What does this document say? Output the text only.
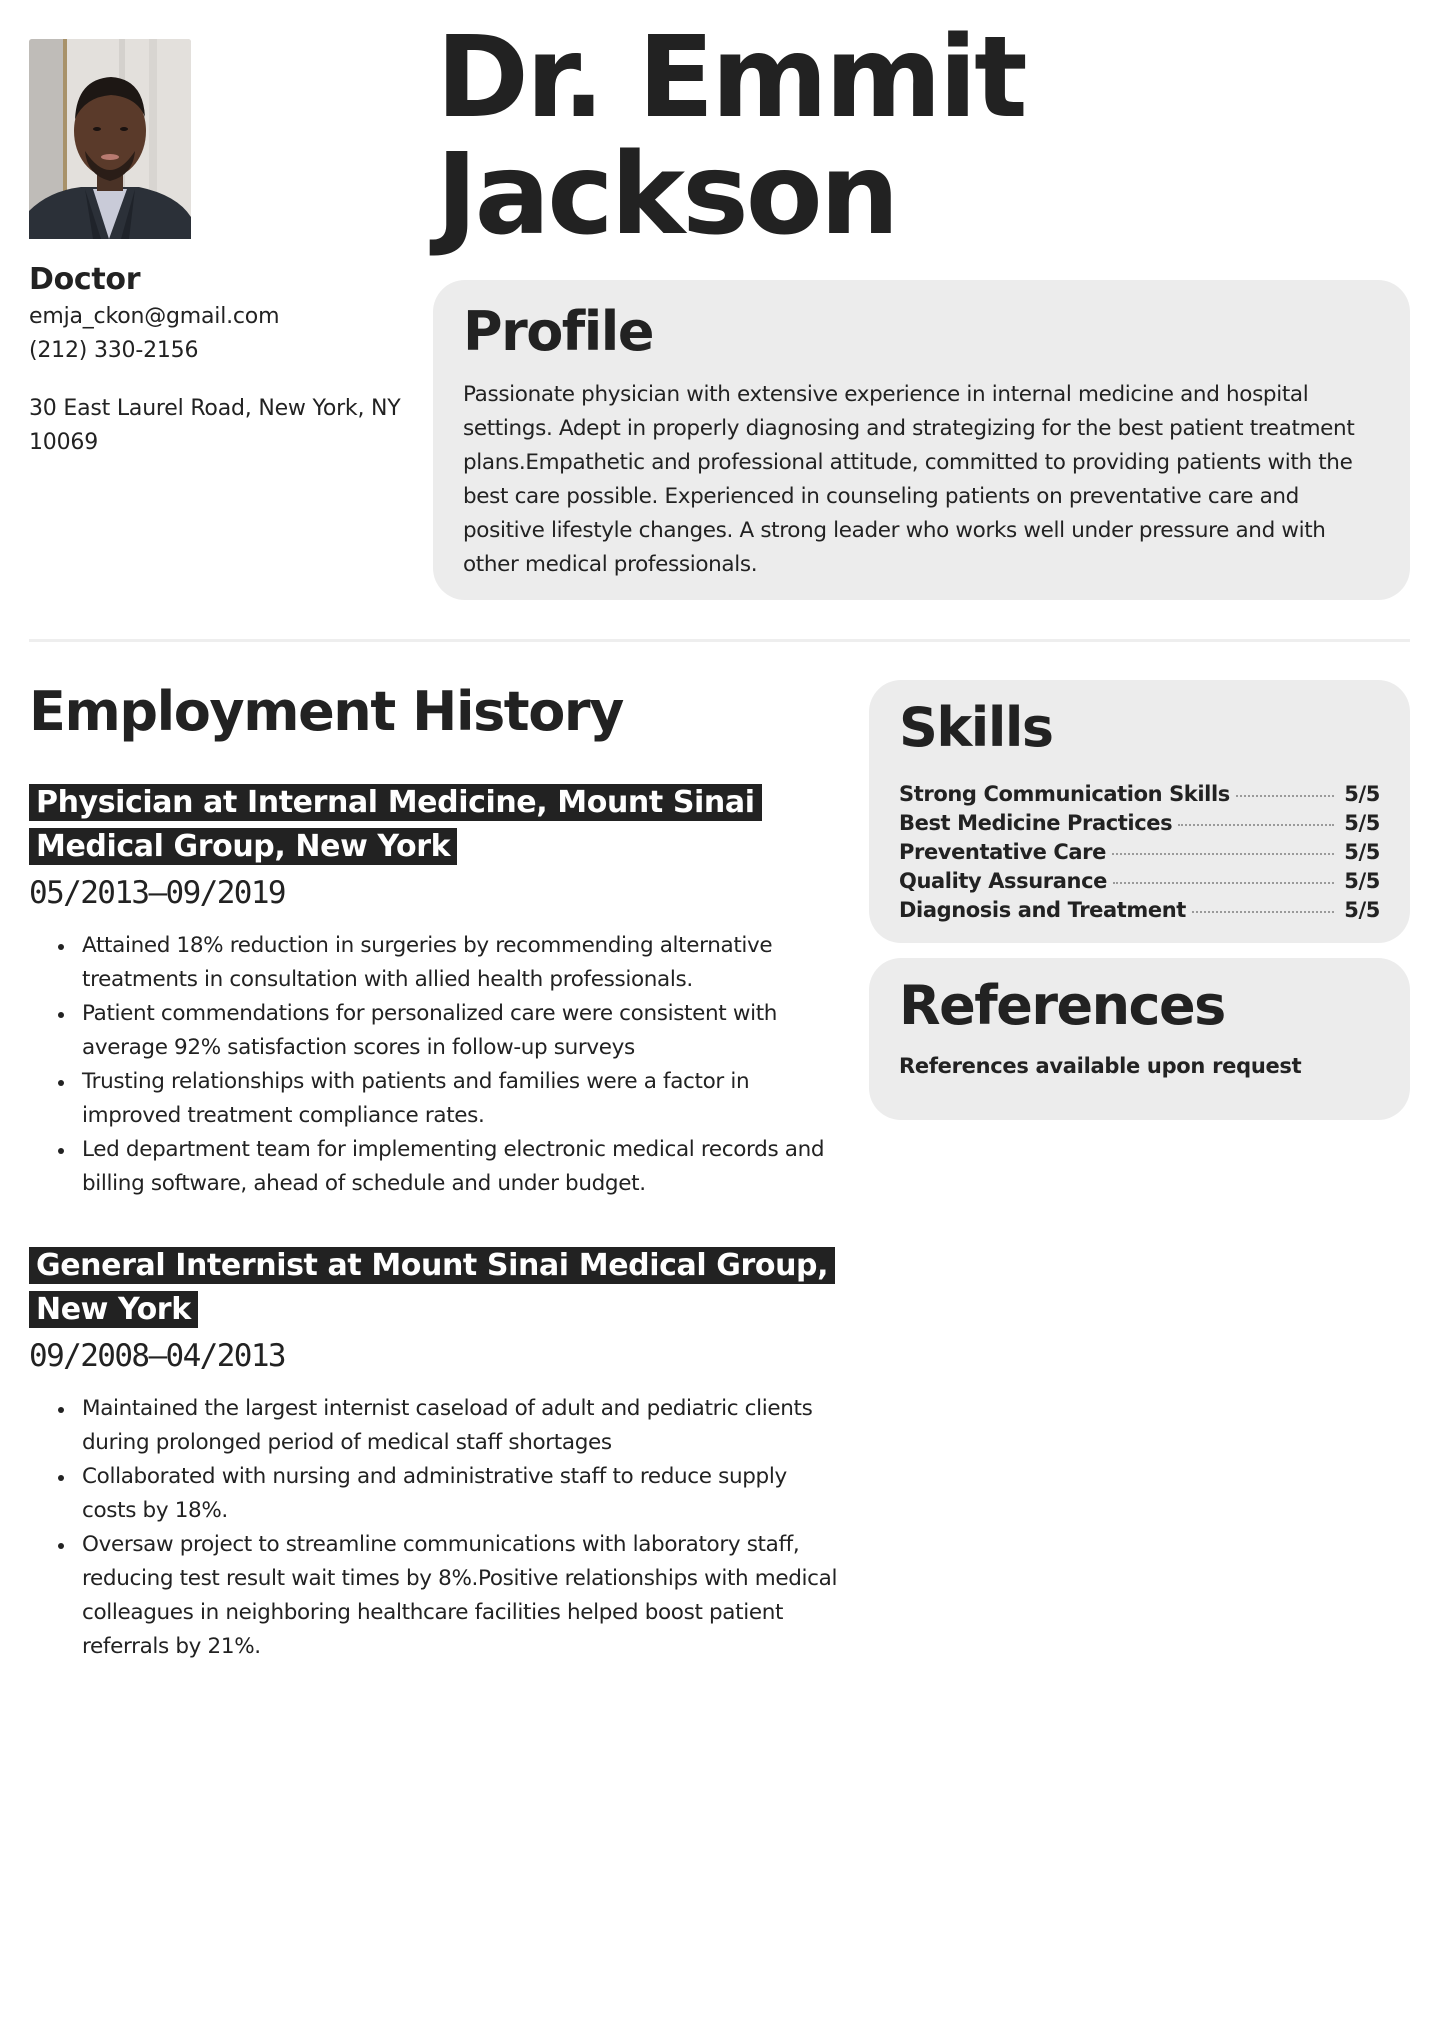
Doctor
emja_ckon@gmail.com
(212) 330-2156
30 East Laurel Road, New York, NY 10069
Dr. Emmit
Jackson
Profile

Passionate physician with extensive experience in internal medicine and hospital settings. Adept in properly diagnosing and strategizing for the best patient treatment plans.Empathetic and professional attitude, committed to providing patients with the best care possible. Experienced in counseling patients on preventative care and positive lifestyle changes. A strong leader who works well under pressure and with other medical professionals.

Employment History
Physician at Internal Medicine, Mount Sinai Medical Group, New York
05/2013—09/2019
Attained 18% reduction in surgeries by recommending alternative treatments in consultation with allied health professionals.
Patient commendations for personalized care were consistent with average 92% satisfaction scores in follow-up surveys
Trusting relationships with patients and families were a factor in improved treatment compliance rates.
Led department team for implementing electronic medical records and billing software, ahead of schedule and under budget.
General Internist at Mount Sinai Medical Group, New York
09/2008—04/2013
Maintained the largest internist caseload of adult and pediatric clients during prolonged period of medical staff shortages
Collaborated with nursing and administrative staff to reduce supply costs by 18%.
Oversaw project to streamline communications with laboratory staff, reducing test result wait times by 8%.Positive relationships with medical colleagues in neighboring healthcare facilities helped boost patient referrals by 21%.
Skills
Strong Communication Skills	5/5
Best Medicine Practices	5/5
Preventative Care	5/5
Quality Assurance	5/5
Diagnosis and Treatment	5/5
References
References available upon request
